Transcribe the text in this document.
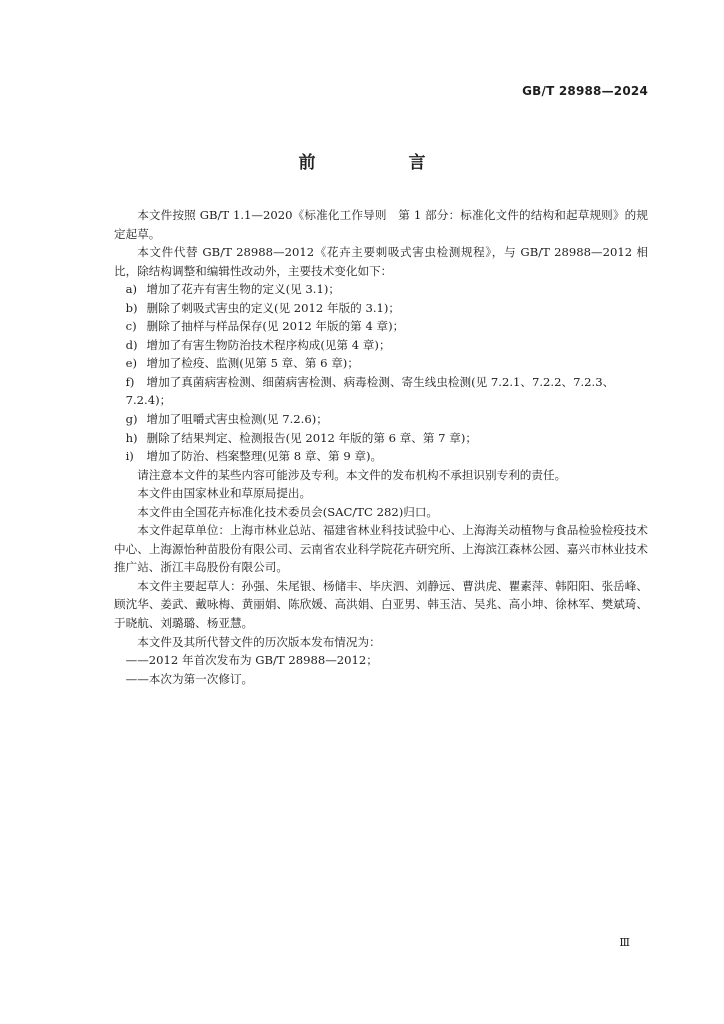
GB/T 28988—2024
前　言

本文件按照 GB/T 1.1—2020《标准化工作导则　第 1 部分：标准化文件的结构和起草规则》的规定起草。

本文件代替 GB/T 28988—2012《花卉主要刺吸式害虫检测规程》，与 GB/T 28988—2012 相比，除结构调整和编辑性改动外，主要技术变化如下：

a) 增加了花卉有害生物的定义(见 3.1)；

b) 删除了刺吸式害虫的定义(见 2012 年版的 3.1)；

c) 删除了抽样与样品保存(见 2012 年版的第 4 章)；

d) 增加了有害生物防治技术程序构成(见第 4 章)；

e) 增加了检疫、监测(见第 5 章、第 6 章)；

f) 增加了真菌病害检测、细菌病害检测、病毒检测、寄生线虫检测(见 7.2.1、7.2.2、7.2.3、7.2.4)；

g) 增加了咀嚼式害虫检测(见 7.2.6)；

h) 删除了结果判定、检测报告(见 2012 年版的第 6 章、第 7 章)；

i) 增加了防治、档案整理(见第 8 章、第 9 章)。

请注意本文件的某些内容可能涉及专利。本文件的发布机构不承担识别专利的责任。

本文件由国家林业和草原局提出。

本文件由全国花卉标准化技术委员会(SAC/TC 282)归口。

本文件起草单位：上海市林业总站、福建省林业科技试验中心、上海海关动植物与食品检验检疫技术中心、上海源怡种苗股份有限公司、云南省农业科学院花卉研究所、上海滨江森林公园、嘉兴市林业技术推广站、浙江丰岛股份有限公司。

本文件主要起草人：孙强、朱尾银、杨储丰、毕庆泗、刘静远、曹洪虎、瞿素萍、韩阳阳、张岳峰、顾沈华、姜武、戴咏梅、黄丽娟、陈欣媛、高洪娟、白亚男、韩玉洁、吴兆、高小坤、徐林军、樊斌琦、于晓航、刘璐璐、杨亚慧。

本文件及其所代替文件的历次版本发布情况为：

——2012 年首次发布为 GB/T 28988—2012；

——本次为第一次修订。

Ⅲ
